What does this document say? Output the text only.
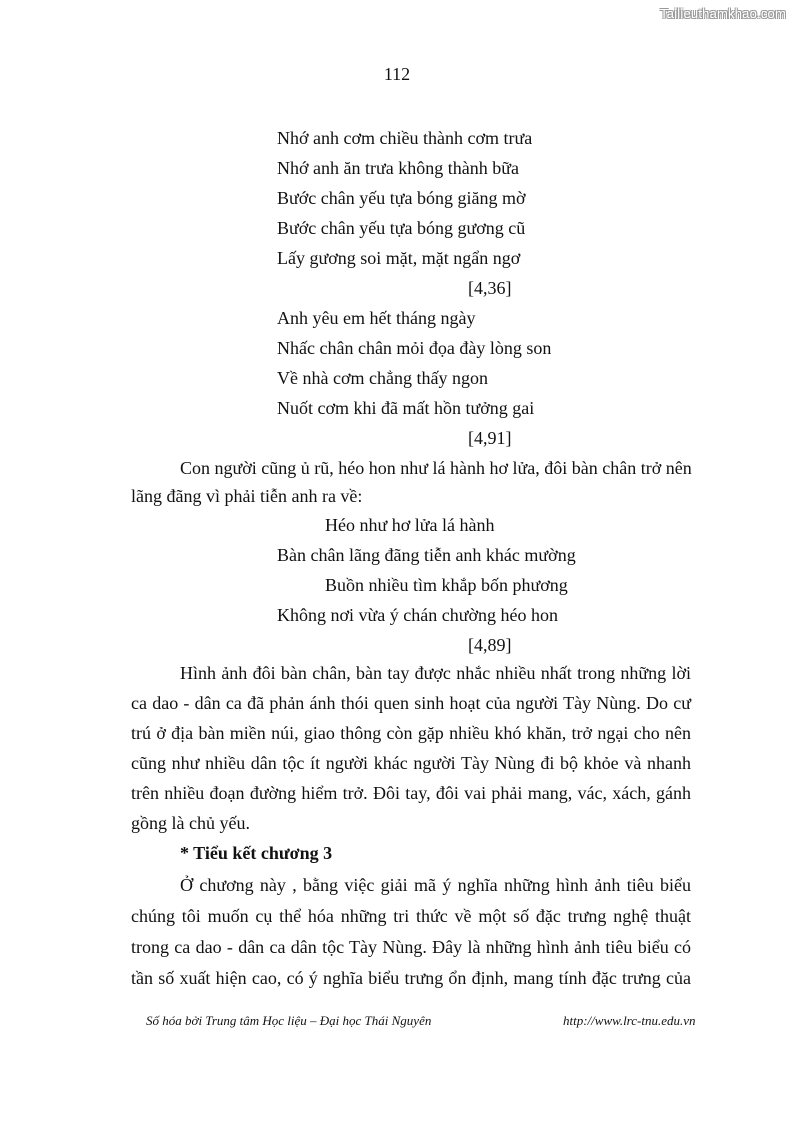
Tailieuthamkhao.com
112
Nhớ anh cơm chiều thành cơm trưa
Nhớ anh ăn trưa không thành bữa
Bước chân yếu tựa bóng giăng mờ
Bước chân yếu tựa bóng gương cũ
Lấy gương soi mặt, mặt ngẩn ngơ
[4,36]
Anh yêu em hết tháng ngày
Nhấc chân chân mỏi đọa đày lòng son
Về nhà cơm chẳng thấy ngon
Nuốt cơm khi đã mất hồn tưởng gai
[4,91]
Con người cũng ủ rũ, héo hon như lá hành hơ lửa, đôi bàn chân trở nên
lãng đãng vì phải tiễn anh ra về:
Héo như hơ lửa lá hành
Bàn chân lãng đãng tiễn anh khác mường
Buồn nhiều tìm khắp bốn phương
Không nơi vừa ý chán chường héo hon
[4,89]
Hình ảnh đôi bàn chân, bàn tay được nhắc nhiều nhất trong những lời
ca dao - dân ca đã phản ánh thói quen sinh hoạt của người Tày Nùng. Do cư
trú ở địa bàn miền núi, giao thông còn gặp nhiều khó khăn, trở ngại cho nên
cũng như nhiều dân tộc ít người khác người Tày Nùng đi bộ khỏe và nhanh
trên nhiều đoạn đường hiểm trở. Đôi tay, đôi vai phải mang, vác, xách, gánh
gồng là chủ yếu.
* Tiểu kết chương 3
Ở chương này , bằng việc giải mã ý nghĩa những hình ảnh tiêu biểu
chúng tôi muốn cụ thể hóa những tri thức về một số đặc trưng nghệ thuật
trong ca dao - dân ca dân tộc Tày Nùng. Đây là những hình ảnh tiêu biểu có
tần số xuất hiện cao, có ý nghĩa biểu trưng ổn định, mang tính đặc trưng của
Số hóa bởi Trung tâm Học liệu – Đại học Thái Nguyên	http://www.lrc-tnu.edu.vn
